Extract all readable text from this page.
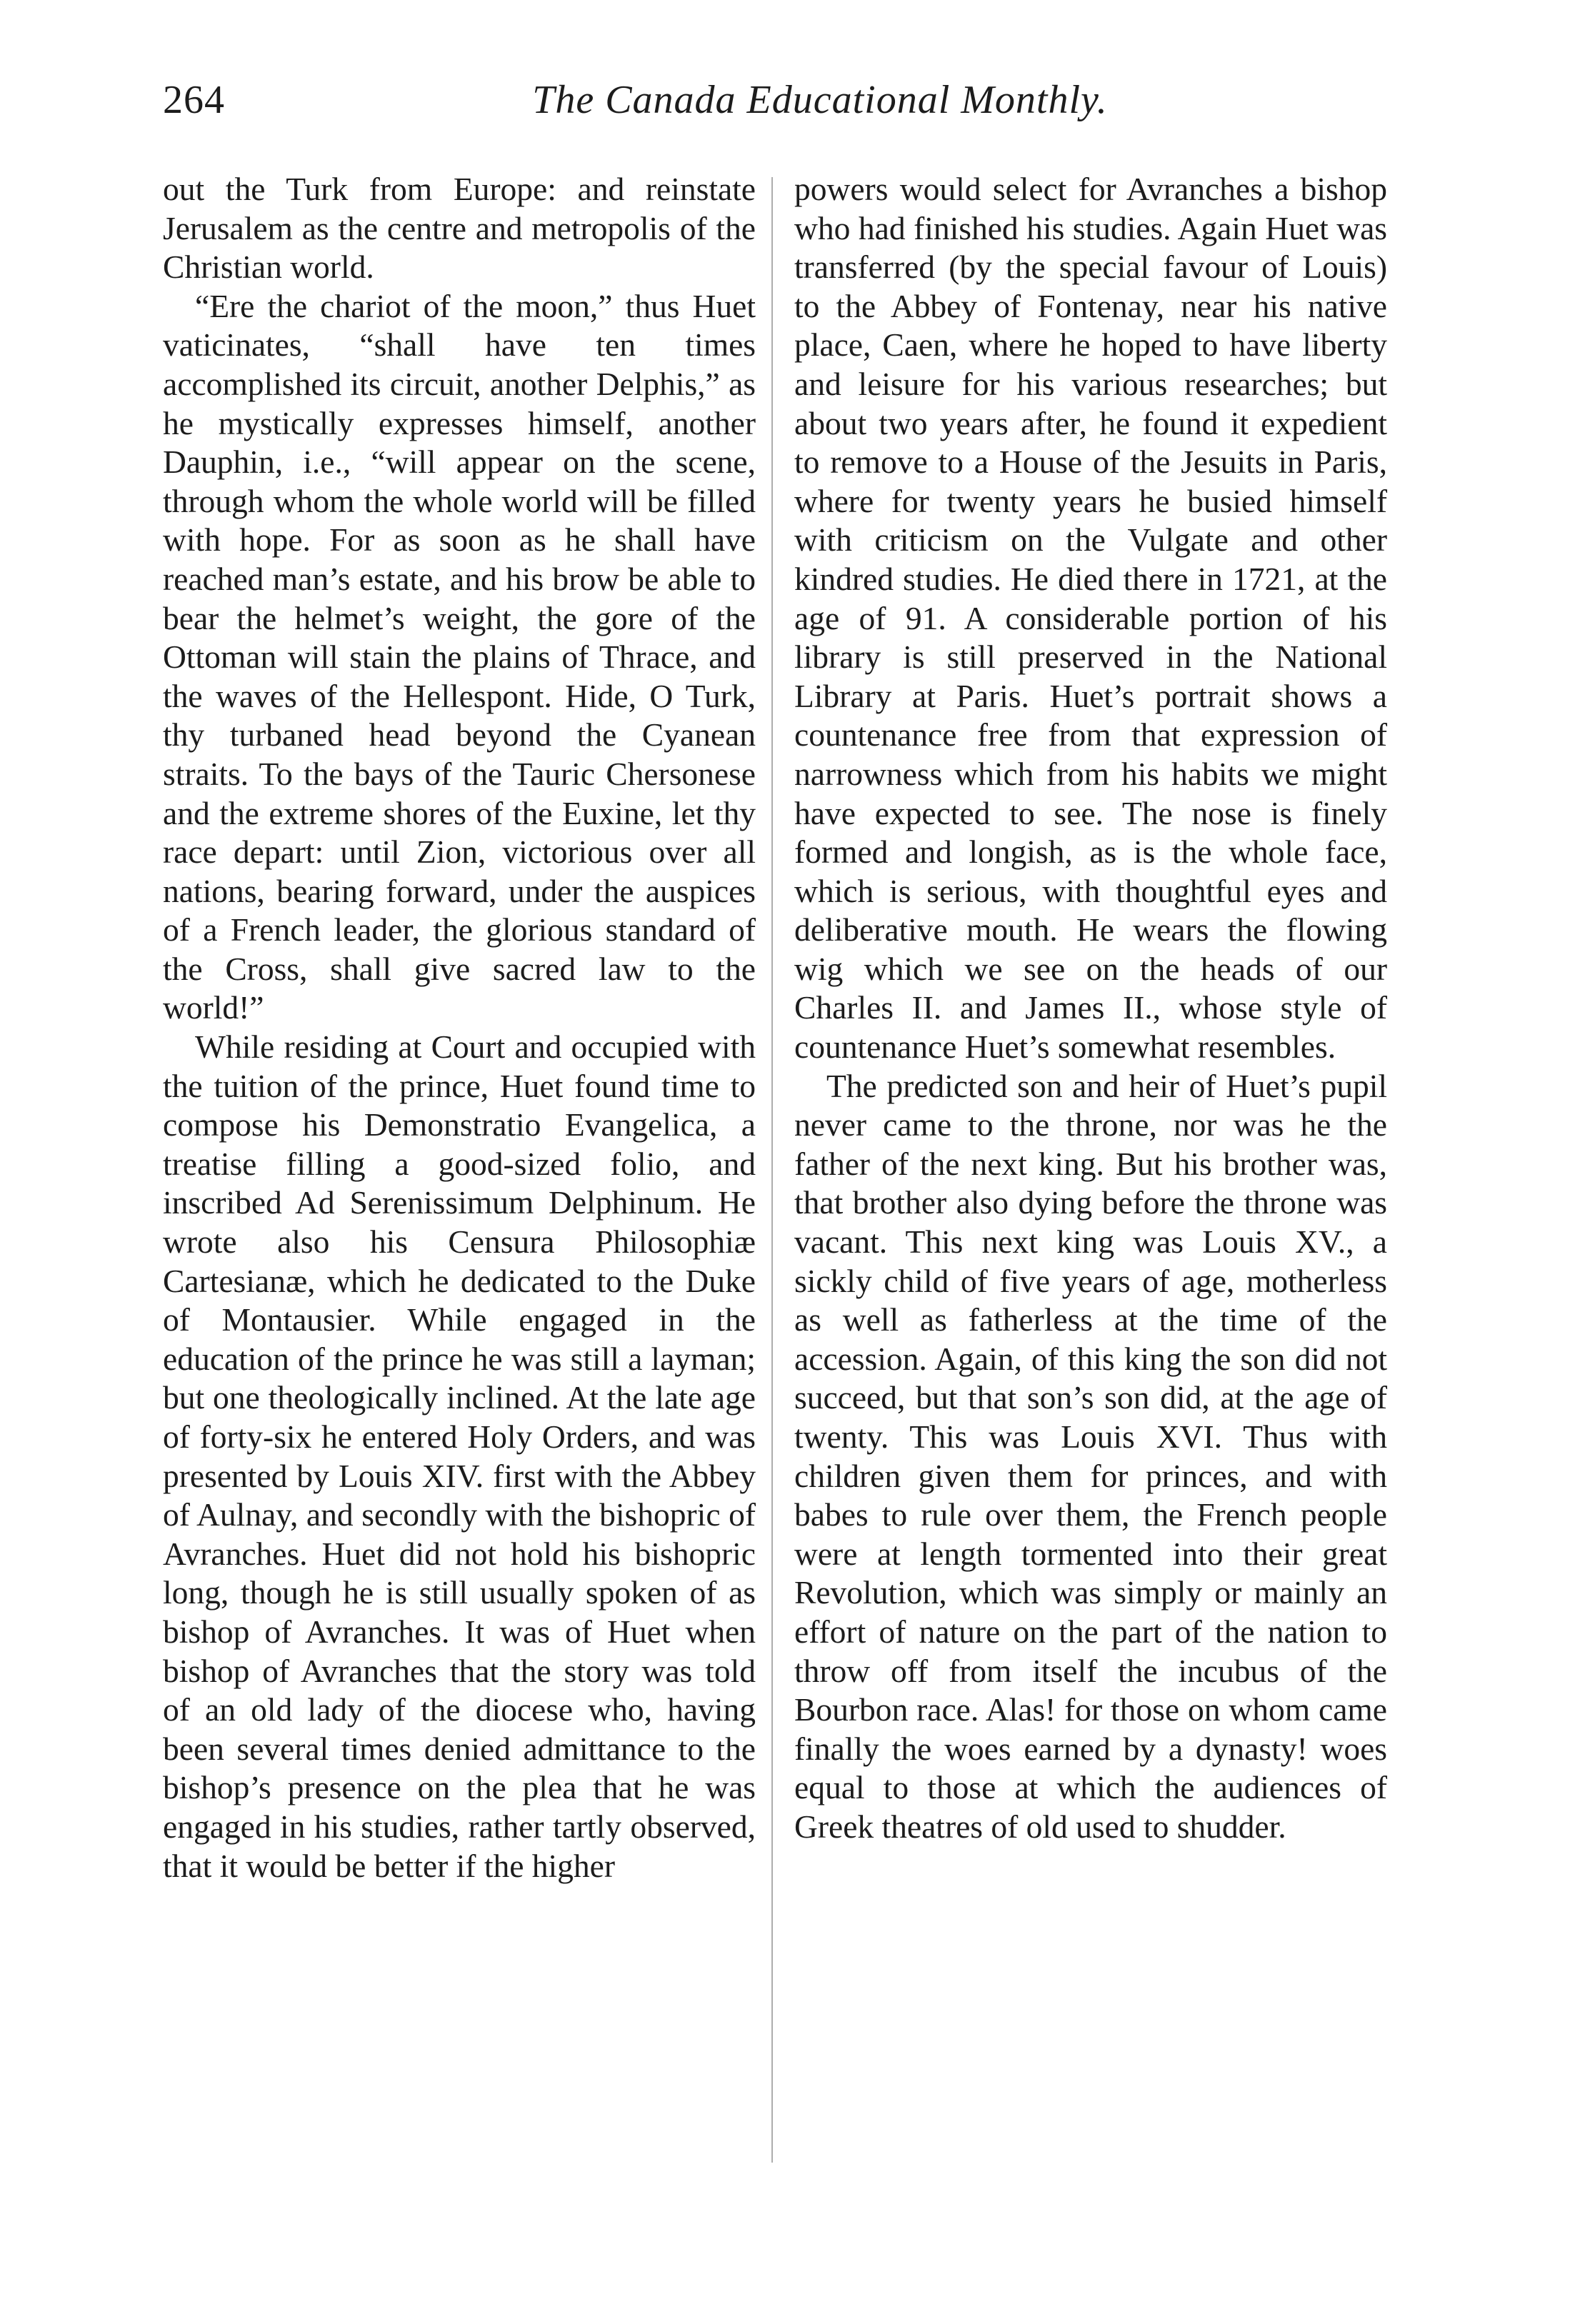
264	The Canada Educational Monthly.

out the Turk from Europe: and reinstate Jerusalem as the centre and metropolis of the Christian world.

“Ere the chariot of the moon,” thus Huet vaticinates, “shall have ten times accomplished its circuit, another Delphis,” as he mystically expresses himself, another Dauphin, i.e., “will appear on the scene, through whom the whole world will be filled with hope. For as soon as he shall have reached man’s estate, and his brow be able to bear the helmet’s weight, the gore of the Ottoman will stain the plains of Thrace, and the waves of the Hellespont. Hide, O Turk, thy turbaned head beyond the Cyanean straits. To the bays of the Tauric Chersonese and the extreme shores of the Euxine, let thy race depart: until Zion, victorious over all nations, bearing forward, under the auspices of a French leader, the glorious standard of the Cross, shall give sacred law to the world!”

While residing at Court and occupied with the tuition of the prince, Huet found time to compose his Demonstratio Evangelica, a treatise filling a good-sized folio, and inscribed Ad Serenissimum Delphinum. He wrote also his Censura Philosophiæ Cartesianæ, which he dedicated to the Duke of Montausier. While engaged in the education of the prince he was still a layman; but one theologically inclined. At the late age of forty-six he entered Holy Orders, and was presented by Louis XIV. first with the Abbey of Aulnay, and secondly with the bishopric of Avranches. Huet did not hold his bishopric long, though he is still usually spoken of as bishop of Avranches. It was of Huet when bishop of Avranches that the story was told of an old lady of the diocese who, having been several times denied admittance to the bishop’s presence on the plea that he was engaged in his studies, rather tartly observed, that it would be better if the higher

powers would select for Avranches a bishop who had finished his studies. Again Huet was transferred (by the special favour of Louis) to the Abbey of Fontenay, near his native place, Caen, where he hoped to have liberty and leisure for his various researches; but about two years after, he found it expedient to remove to a House of the Jesuits in Paris, where for twenty years he busied himself with criticism on the Vulgate and other kindred studies. He died there in 1721, at the age of 91. A considerable portion of his library is still preserved in the National Library at Paris. Huet’s portrait shows a countenance free from that expression of narrowness which from his habits we might have expected to see. The nose is finely formed and longish, as is the whole face, which is serious, with thoughtful eyes and deliberative mouth. He wears the flowing wig which we see on the heads of our Charles II. and James II., whose style of countenance Huet’s somewhat resembles.

The predicted son and heir of Huet’s pupil never came to the throne, nor was he the father of the next king. But his brother was, that brother also dying before the throne was vacant. This next king was Louis XV., a sickly child of five years of age, motherless as well as fatherless at the time of the accession. Again, of this king the son did not succeed, but that son’s son did, at the age of twenty. This was Louis XVI. Thus with children given them for princes, and with babes to rule over them, the French people were at length tormented into their great Revolution, which was simply or mainly an effort of nature on the part of the nation to throw off from itself the incubus of the Bourbon race. Alas! for those on whom came finally the woes earned by a dynasty! woes equal to those at which the audiences of Greek theatres of old used to shudder.
